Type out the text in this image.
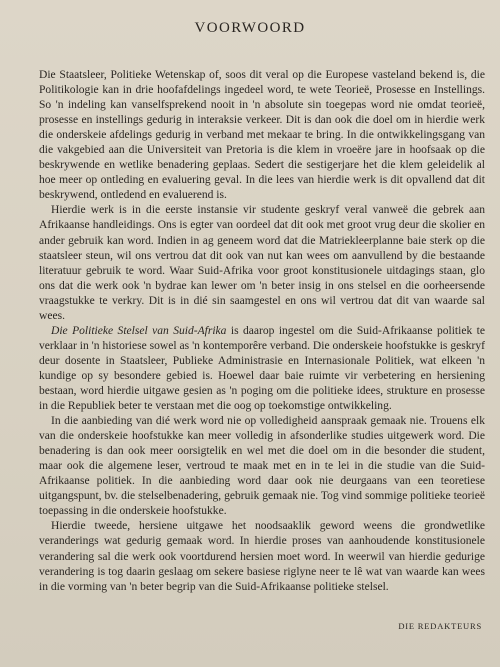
VOORWOORD

Die Staatsleer, Politieke Wetenskap of, soos dit veral op die Europese vasteland bekend is, die Politikologie kan in drie hoofafdelings ingedeel word, te wete Teorieë, Prosesse en Instellings. So 'n indeling kan vanselfsprekend nooit in 'n absolute sin toegepas word nie omdat teorieë, prosesse en instellings gedurig in interaksie verkeer. Dit is dan ook die doel om in hierdie werk die onderskeie afdelings gedurig in verband met mekaar te bring. In die ontwikkelingsgang van die vakgebied aan die Universiteit van Pretoria is die klem in vroeëre jare in hoofsaak op die beskrywende en wetlike benadering geplaas. Sedert die sestigerjare het die klem geleidelik al hoe meer op ontleding en evaluering geval. In die lees van hierdie werk is dit opvallend dat dit beskrywend, ontledend en evaluerend is.

Hierdie werk is in die eerste instansie vir studente geskryf veral vanweë die gebrek aan Afrikaanse handleidings. Ons is egter van oordeel dat dit ook met groot vrug deur die skolier en ander gebruik kan word. Indien in ag geneem word dat die Matriekleerplanne baie sterk op die staatsleer steun, wil ons vertrou dat dit ook van nut kan wees om aanvullend by die bestaande literatuur gebruik te word. Waar Suid-Afrika voor groot konstitusionele uitdagings staan, glo ons dat die werk ook 'n bydrae kan lewer om 'n beter insig in ons stelsel en die oorheersende vraagstukke te verkry. Dit is in dié sin saamgestel en ons wil vertrou dat dit van waarde sal wees.

Die Politieke Stelsel van Suid-Afrika is daarop ingestel om die Suid-Afrikaanse politiek te verklaar in 'n historiese sowel as 'n kontemporêre verband. Die onderskeie hoofstukke is geskryf deur dosente in Staatsleer, Publieke Administrasie en Internasionale Politiek, wat elkeen 'n kundige op sy besondere gebied is. Hoewel daar baie ruimte vir verbetering en hersiening bestaan, word hierdie uitgawe gesien as 'n poging om die politieke idees, strukture en prosesse in die Republiek beter te verstaan met die oog op toekomstige ontwikkeling.

In die aanbieding van dié werk word nie op volledigheid aanspraak gemaak nie. Trouens elk van die onderskeie hoofstukke kan meer volledig in afsonderlike studies uitgewerk word. Die benadering is dan ook meer oorsigtelik en wel met die doel om in die besonder die student, maar ook die algemene leser, vertroud te maak met en in te lei in die studie van die Suid-Afrikaanse politiek. In die aanbieding word daar ook nie deurgaans van een teoretiese uitgangspunt, bv. die stelselbenadering, gebruik gemaak nie. Tog vind sommige politieke teorieë toepassing in die onderskeie hoofstukke.

Hierdie tweede, hersiene uitgawe het noodsaaklik geword weens die grondwetlike veranderings wat gedurig gemaak word. In hierdie proses van aanhoudende konstitusionele verandering sal die werk ook voortdurend hersien moet word. In weerwil van hierdie gedurige verandering is tog daarin geslaag om sekere basiese riglyne neer te lê wat van waarde kan wees in die vorming van 'n beter begrip van die Suid-Afrikaanse politieke stelsel.

DIE REDAKTEURS
